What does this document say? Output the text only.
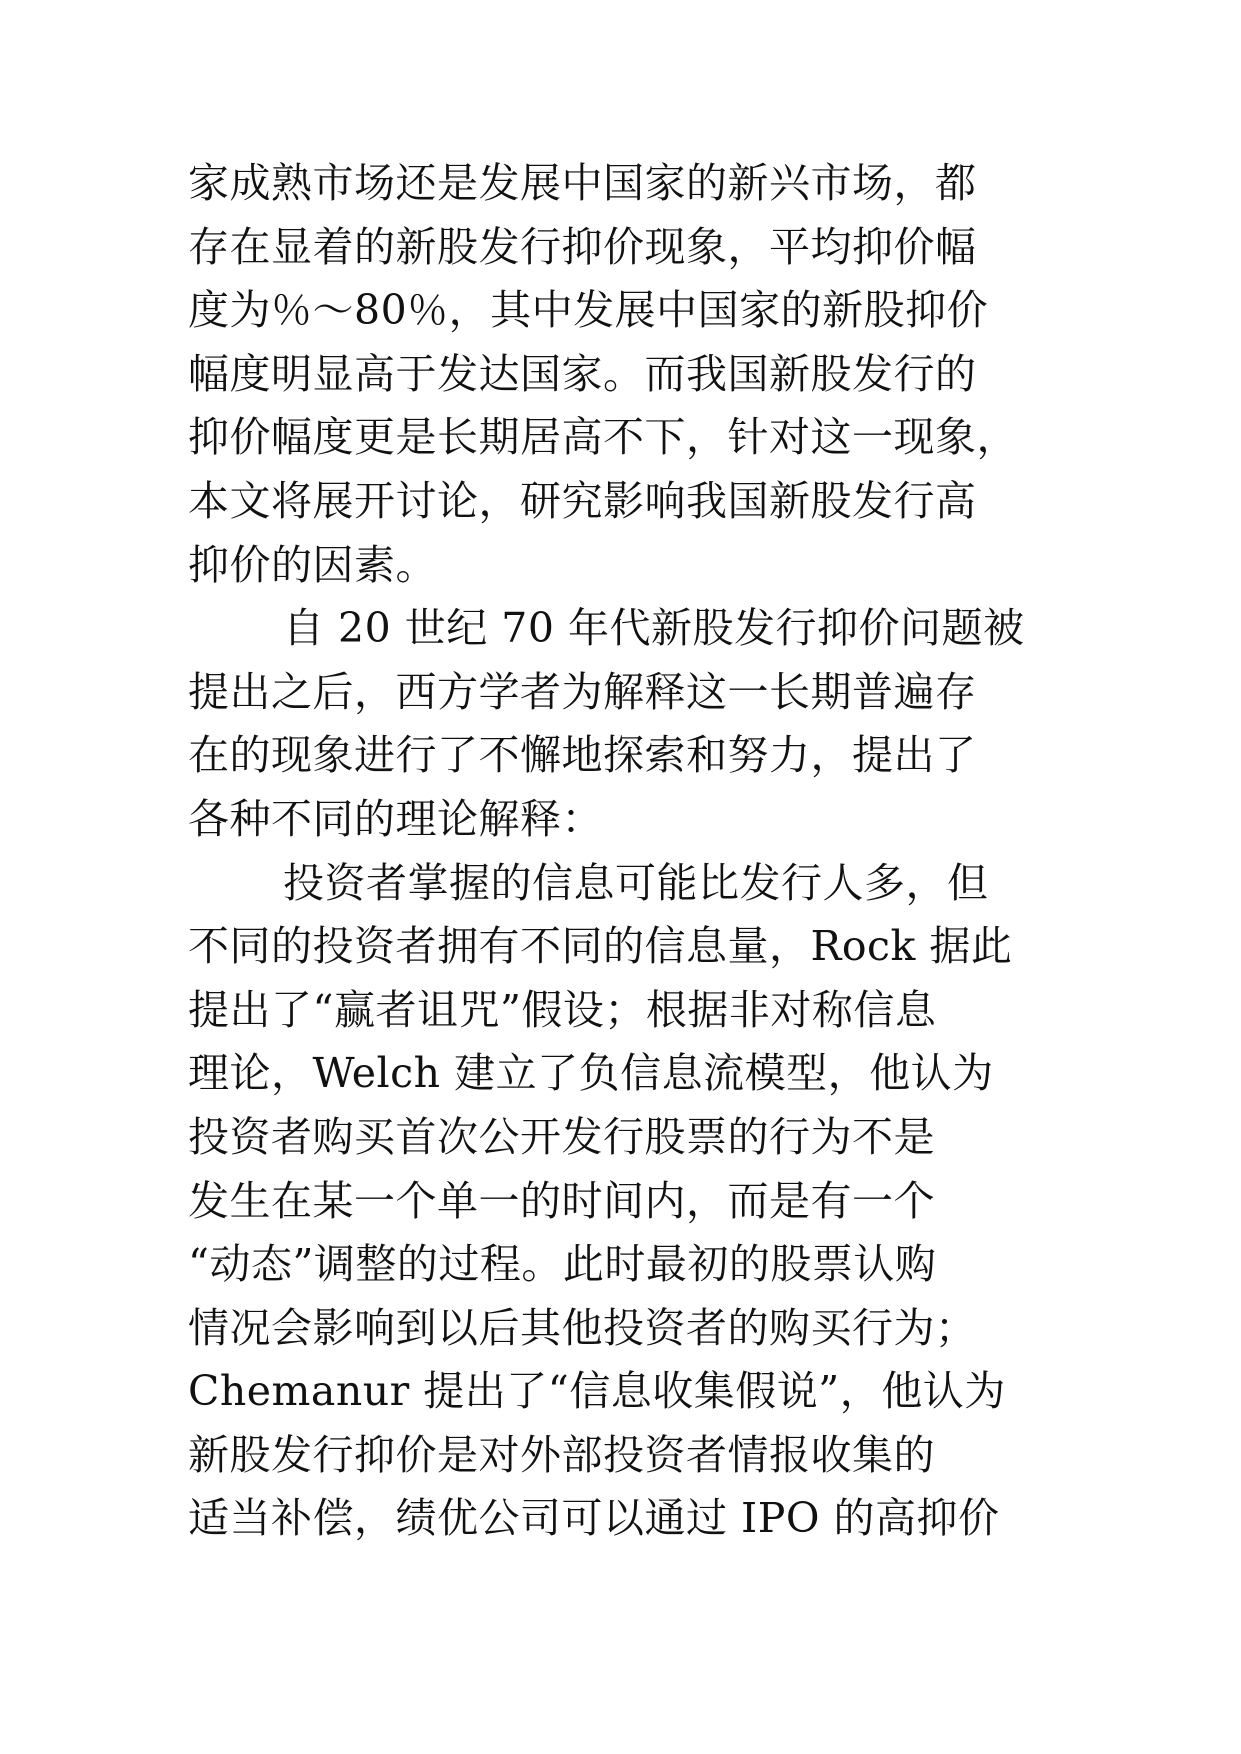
家成熟市场还是发展中国家的新兴市场，都
存在显着的新股发行抑价现象，平均抑价幅
度为％～80％，其中发展中国家的新股抑价
幅度明显高于发达国家。而我国新股发行的
抑价幅度更是长期居高不下，针对这一现象，
本文将展开讨论，研究影响我国新股发行高
抑价的因素。
自 20 世纪 70 年代新股发行抑价问题被
提出之后，西方学者为解释这一长期普遍存
在的现象进行了不懈地探索和努力，提出了
各种不同的理论解释：
投资者掌握的信息可能比发行人多，但
不同的投资者拥有不同的信息量，Rock 据此
提出了“赢者诅咒”假设；根据非对称信息
理论，Welch 建立了负信息流模型，他认为
投资者购买首次公开发行股票的行为不是
发生在某一个单一的时间内，而是有一个
“动态”调整的过程。此时最初的股票认购
情况会影响到以后其他投资者的购买行为；
Chemanur 提出了“信息收集假说”，他认为
新股发行抑价是对外部投资者情报收集的
适当补偿，绩优公司可以通过 IPO 的高抑价
